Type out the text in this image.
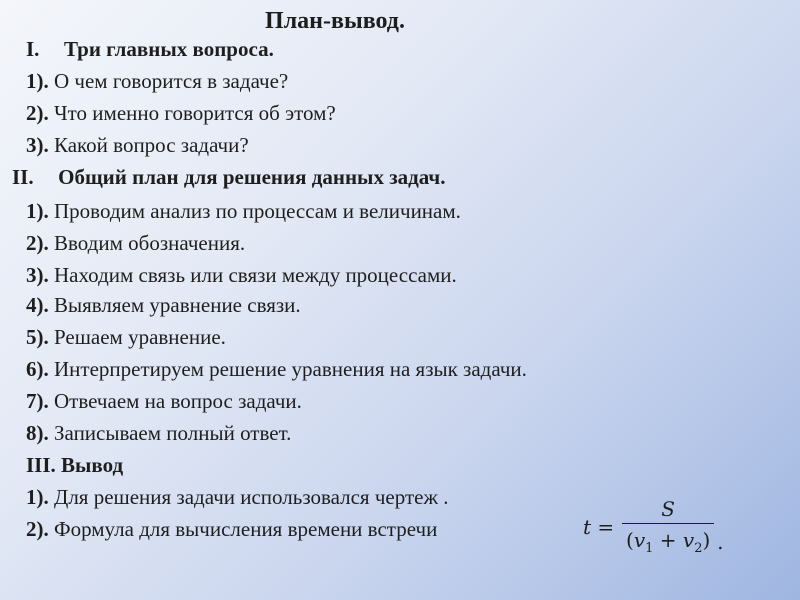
План-вывод.
I. Три главных вопроса.
1). О чем говорится в задаче?
2). Что именно говорится об этом?
3). Какой вопрос задачи?
II. Общий план для решения данных задач.
1). Проводим анализ по процессам и величинам.
2). Вводим обозначения.
3). Находим связь или связи между процессами.
4). Выявляем уравнение связи.
5). Решаем уравнение.
6). Интерпретируем решение уравнения на язык задачи.
7). Отвечаем на вопрос задачи.
8). Записываем полный ответ.
III. Вывод
1). Для решения задачи использовался чертеж .
2). Формула для вычисления времени встречи	$t = \frac{S}{(v_1 + v_2)}$ .
